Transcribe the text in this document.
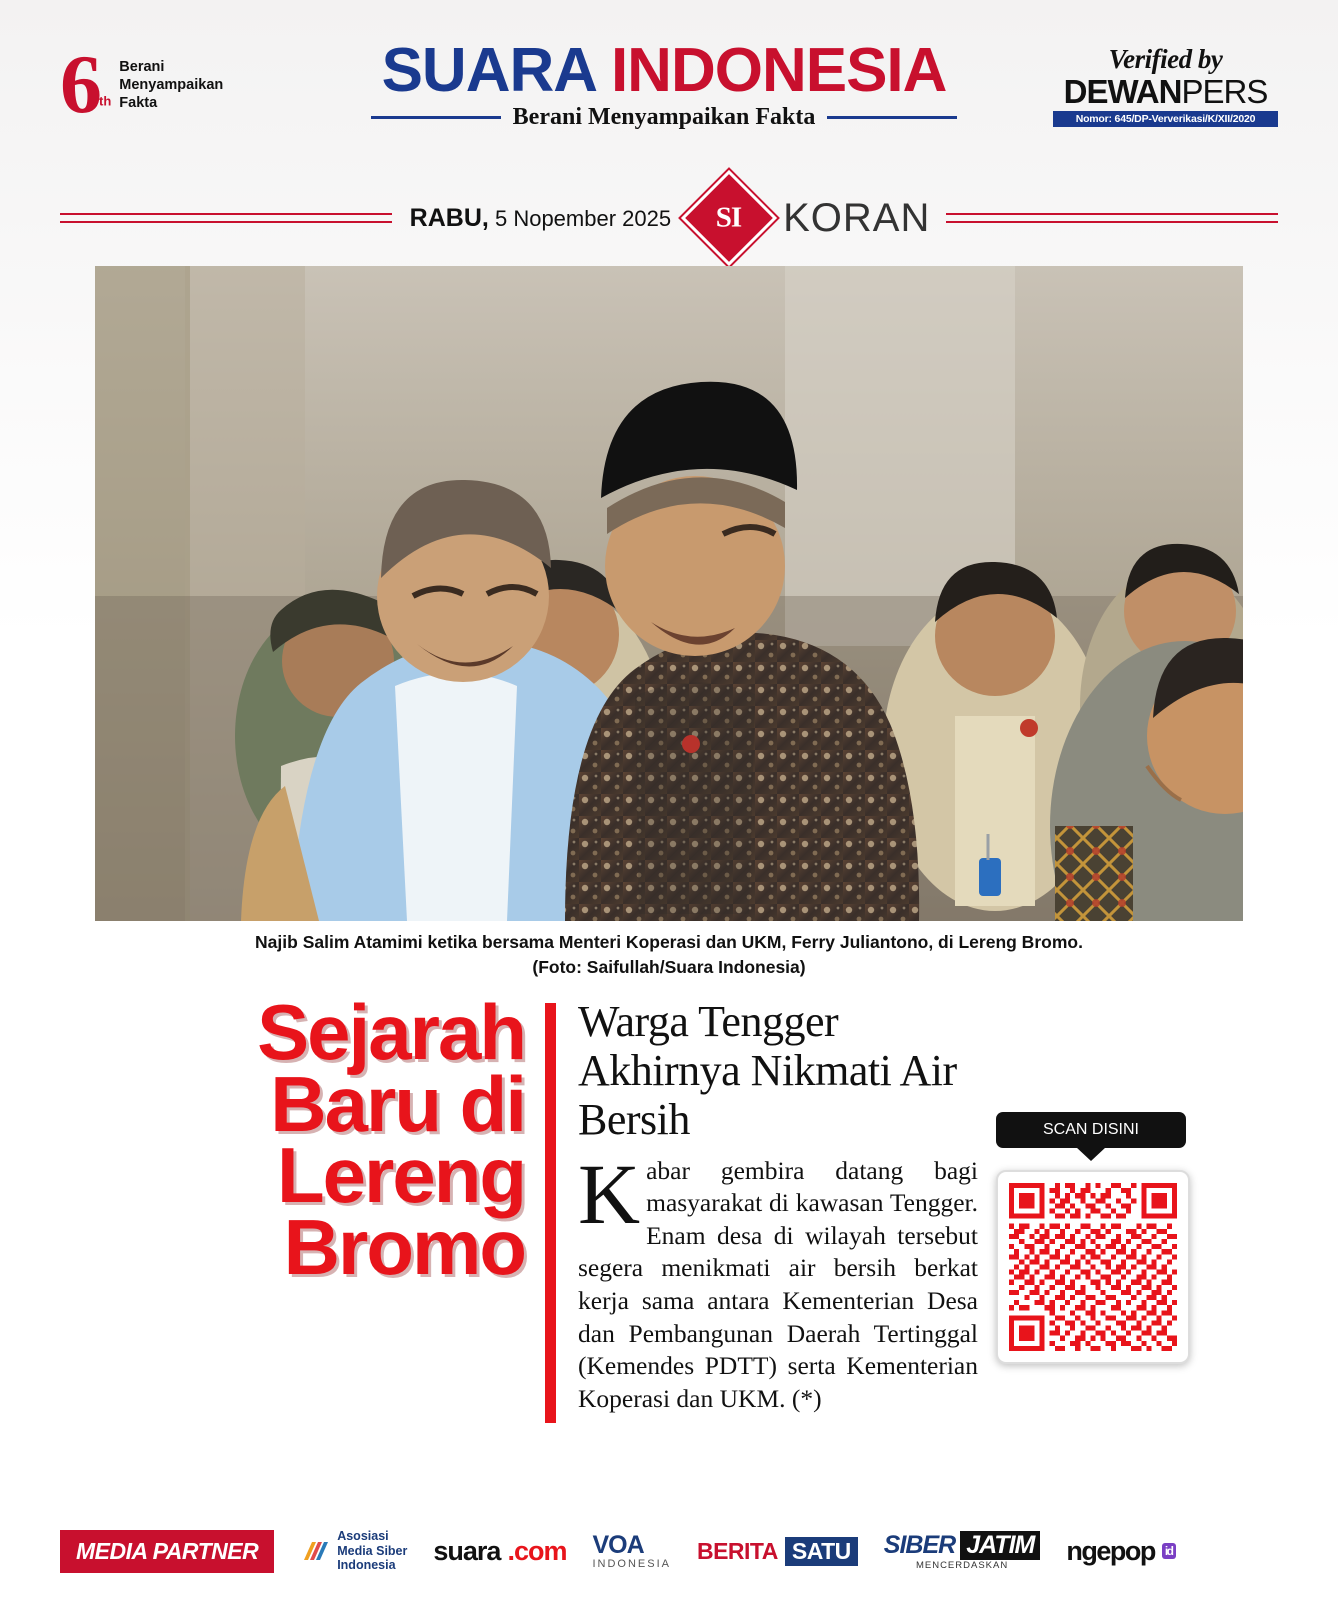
6th
Berani
Menyampaikan
Fakta	SUARA INDONESIA
Berani Menyampaikan Fakta
Verified by
DEWANPERS
Nomor: 645/DP-Ververikasi/K/XII/2020
RABU, 5 Nopember 2025	SI	KORAN
Najib Salim Atamimi ketika bersama Menteri Koperasi dan UKM, Ferry Juliantono, di Lereng Bromo.
(Foto: Saifullah/Suara Indonesia)
Sejarah Baru di Lereng Bromo
Warga Tengger Akhirnya Nikmati Air Bersih
Kabar gembira datang bagi masyarakat di kawasan Tengger. Enam desa di wilayah tersebut segera menikmati air bersih berkat kerja sama antara Kementerian Desa dan Pembangunan Daerah Tertinggal (Kemendes PDTT) serta Kementerian Koperasi dan UKM. (*)
SCAN DISINI
MEDIA PARTNER
Asosiasi
Media Siber
Indonesia	suara .com VOA
INDONESIA BERITA SATU SIBER JATIM
MENCERDASKAN	ngepop id
